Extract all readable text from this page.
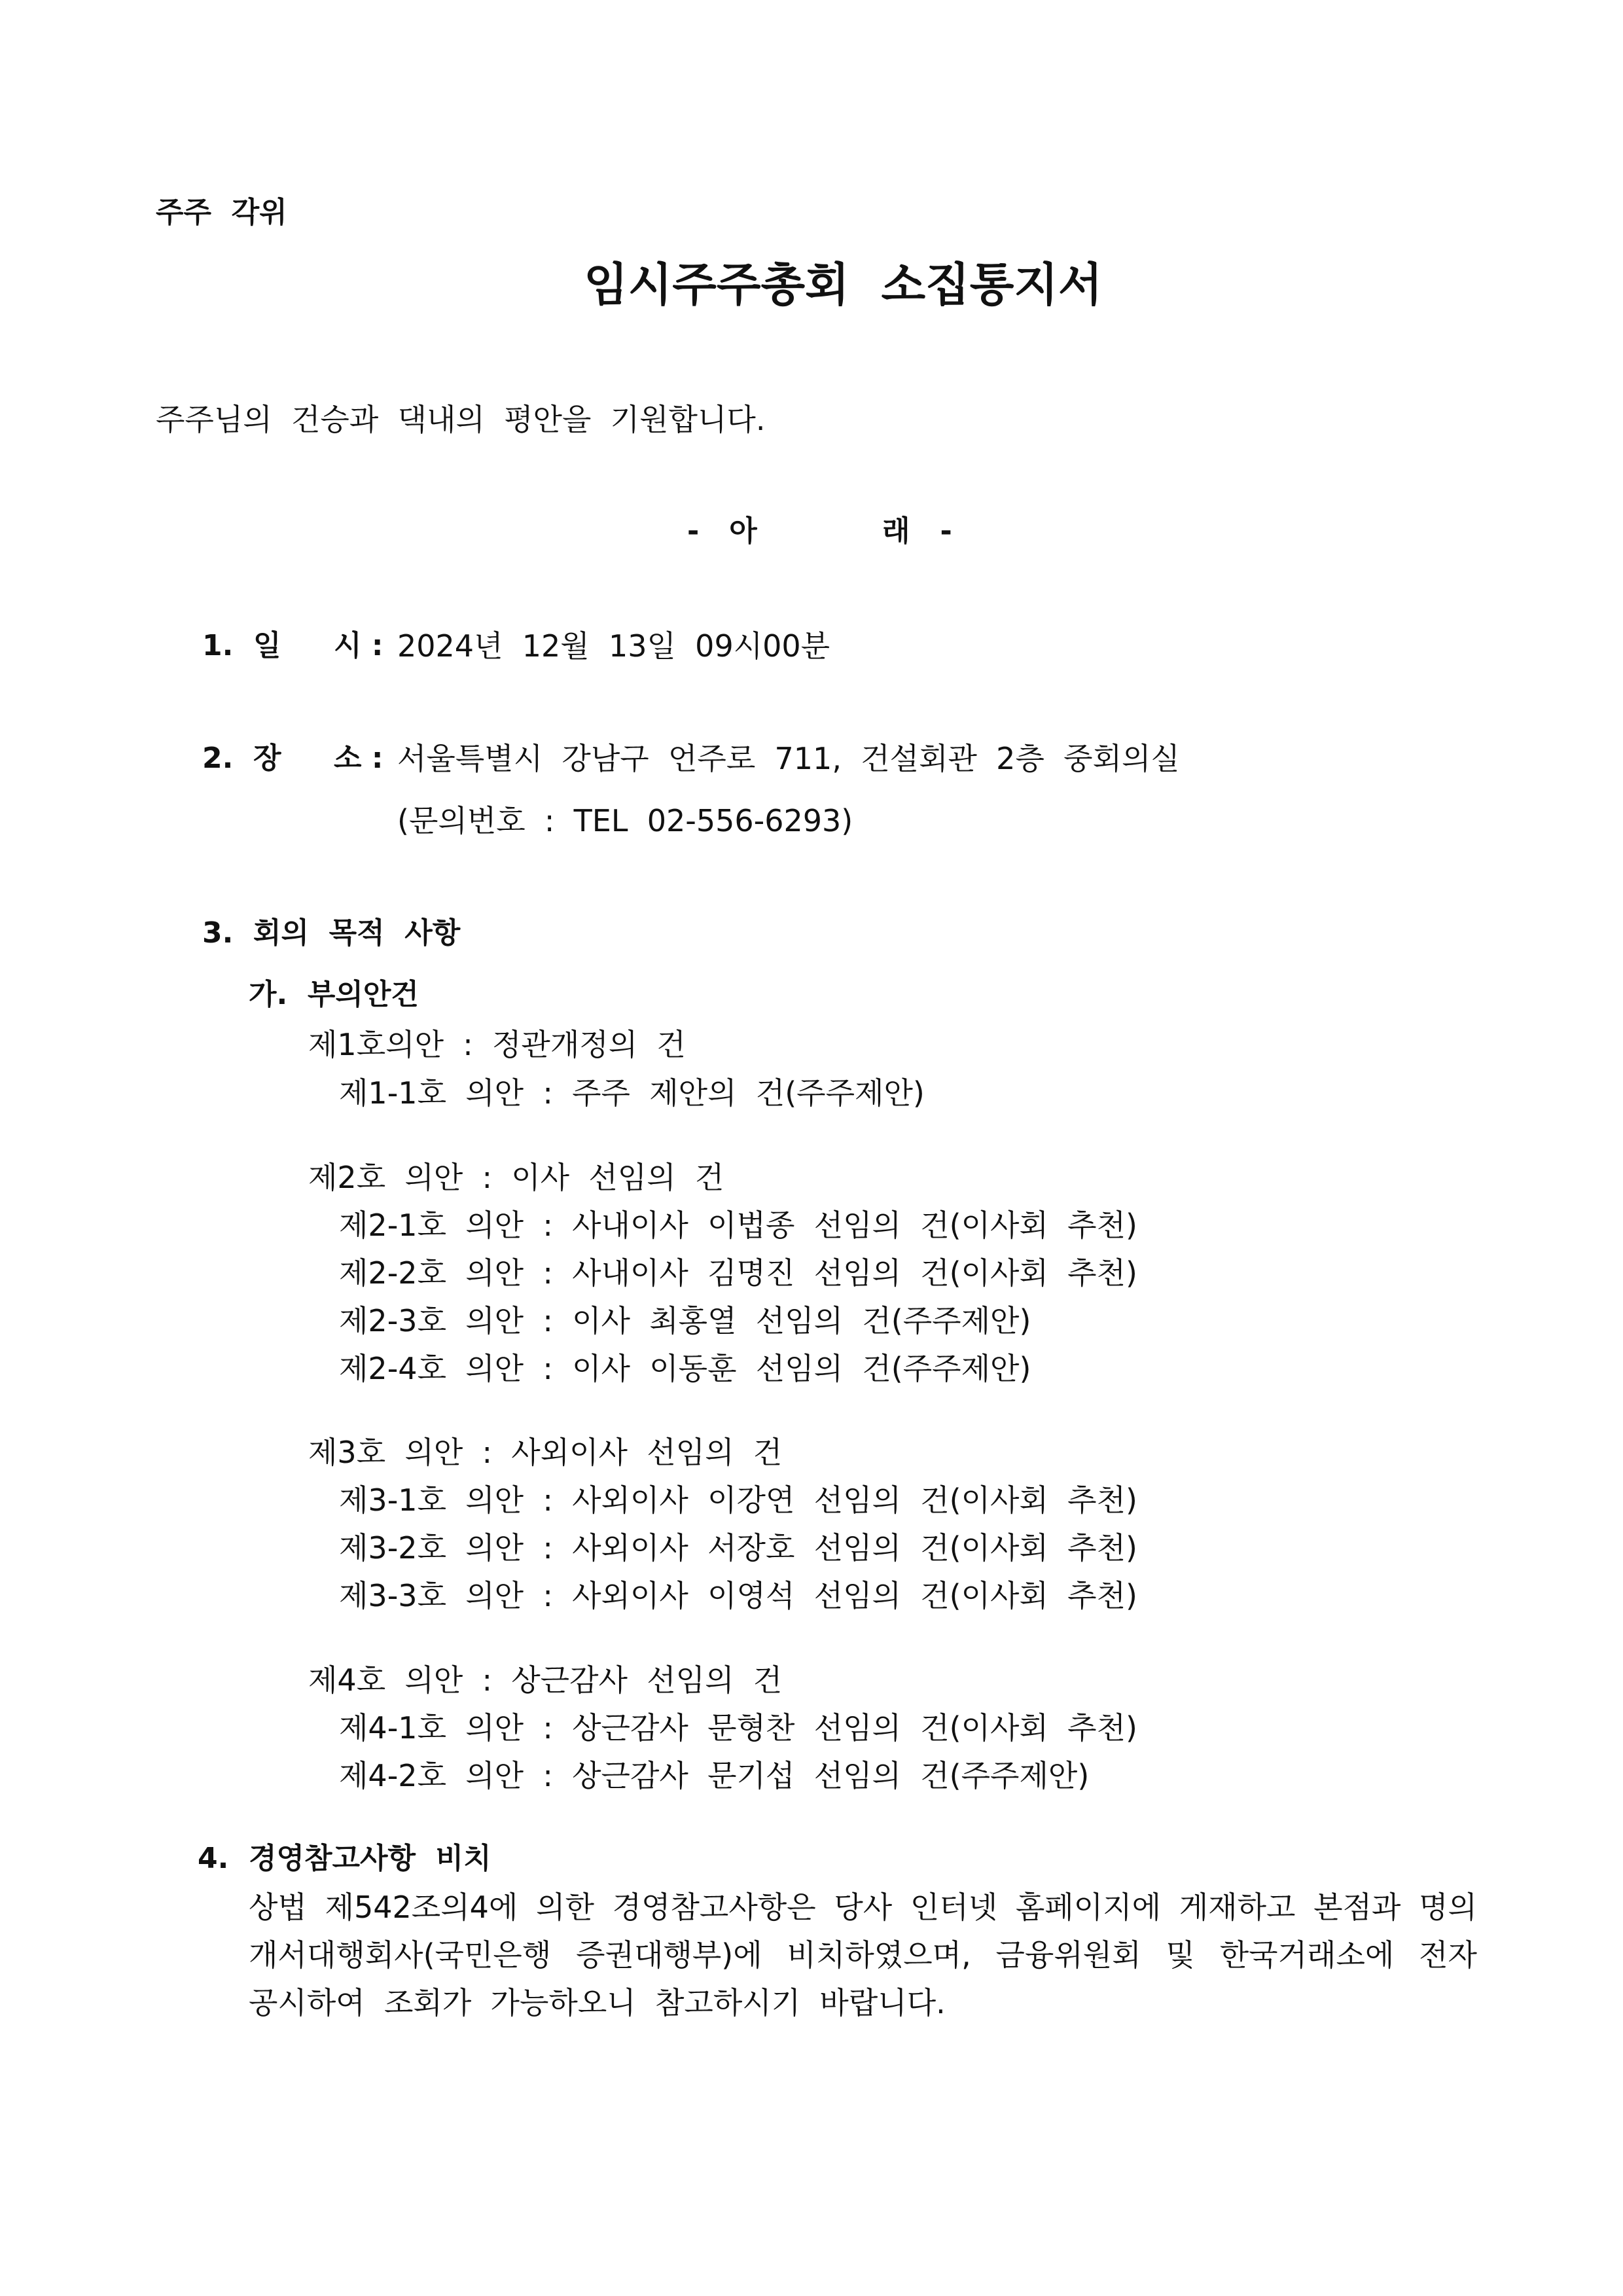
주주  각위
임시주주총회  소집통지서
주주님의  건승과  댁내의  평안을  기원합니다.
-   아	래   -
1.  일 시 : 2024년  12월  13일  09시00분
2.  장 소 : 서울특별시  강남구  언주로  711,  건설회관  2층  중회의실
(문의번호  :  TEL  02-556-6293)
3.  회의  목적  사항
가.  부의안건
제1호의안  :  정관개정의  건
제1-1호  의안  :  주주  제안의  건(주주제안)
제2호  의안  :  이사  선임의  건
제2-1호  의안  :  사내이사  이법종  선임의  건(이사회  추천)
제2-2호  의안  :  사내이사  김명진  선임의  건(이사회  추천)
제2-3호  의안  :  이사  최홍열  선임의  건(주주제안)
제2-4호  의안  :  이사  이동훈  선임의  건(주주제안)
제3호  의안  :  사외이사  선임의  건
제3-1호  의안  :  사외이사  이강연  선임의  건(이사회  추천)
제3-2호  의안  :  사외이사  서장호  선임의  건(이사회  추천)
제3-3호  의안  :  사외이사  이영석  선임의  건(이사회  추천)
제4호  의안  :  상근감사  선임의  건
제4-1호  의안  :  상근감사  문형찬  선임의  건(이사회  추천)
제4-2호  의안  :  상근감사  문기섭  선임의  건(주주제안)
4.  경영참고사항  비치
상법 제542조의4에 의한 경영참고사항은 당사 인터넷 홈페이지에 게재하고 본점과 명의
개서대행회사(국민은행 증권대행부)에 비치하였으며, 금융위원회 및 한국거래소에 전자
공시하여  조회가  가능하오니  참고하시기  바랍니다.
